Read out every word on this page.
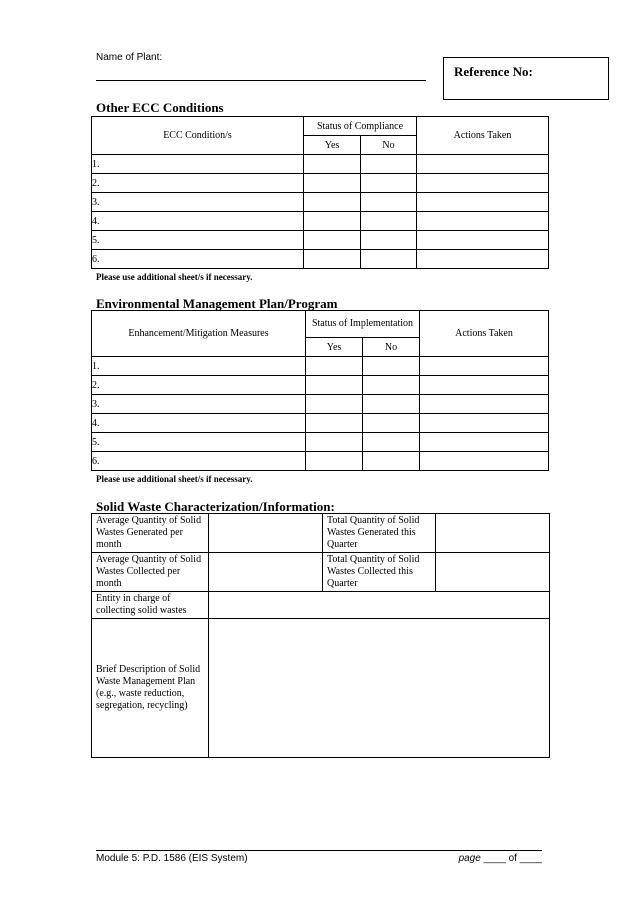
Name of Plant:
Reference No:
Other ECC Conditions
ECC Condition/s	Status of Compliance		Actions Taken
	Yes	No	
1.			
2.			
3.			
4.			
5.			
6.			
Please use additional sheet/s if necessary.
Environmental Management Plan/Program
Enhancement/Mitigation Measures	Status of Implementation		Actions Taken
	Yes	No	
1.			
2.			
3.			
4.			
5.			
6.			
Please use additional sheet/s if necessary.
Solid Waste Characterization/Information:
Average Quantity of Solid Wastes Generated per month		Total Quantity of Solid Wastes Generated this Quarter	
Average Quantity of Solid Wastes Collected per month		Total Quantity of Solid Wastes Collected this Quarter	
Entity in charge of collecting solid wastes			
Brief Description of Solid Waste Management Plan (e.g., waste reduction, segregation, recycling)			
Module 5: P.D. 1586 (EIS System)	page ____ of ____
